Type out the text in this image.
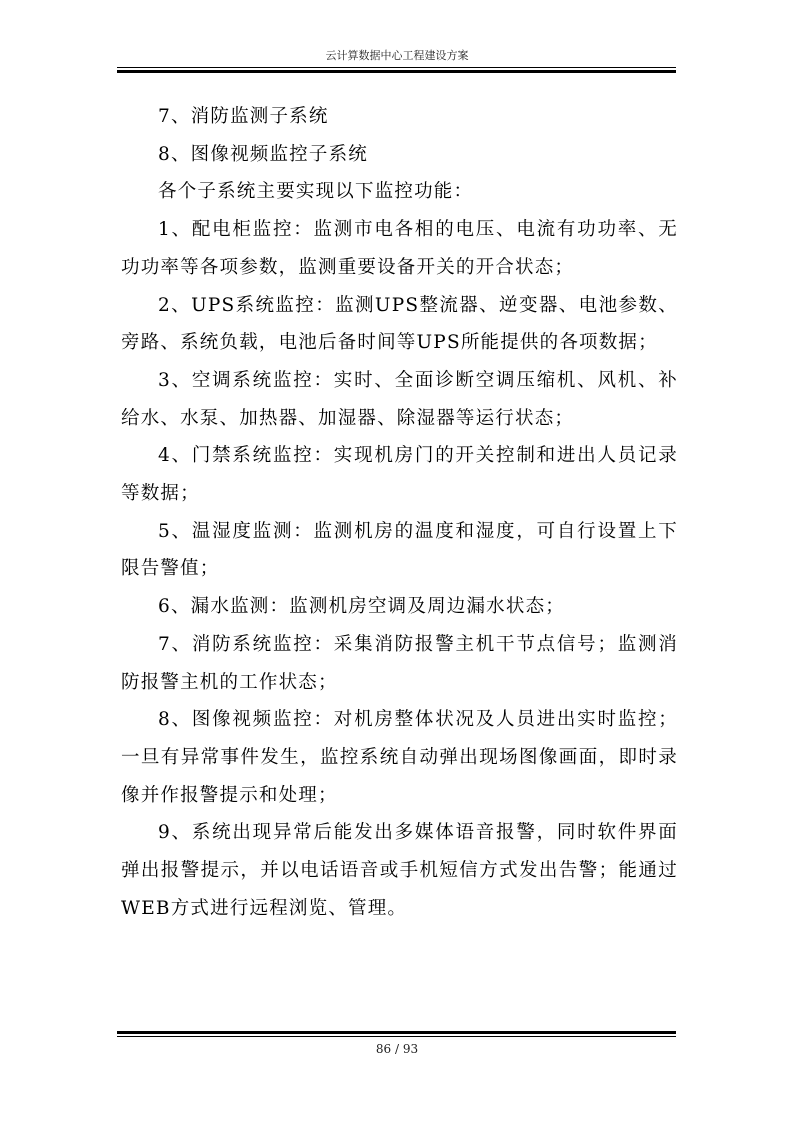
云计算数据中心工程建设方案

7、消防监测子系统

8、图像视频监控子系统

各个子系统主要实现以下监控功能：

1、配电柜监控：监测市电各相的电压、电流有功功率、无功功率等各项参数，监测重要设备开关的开合状态；

2、UPS系统监控：监测UPS整流器、逆变器、电池参数、旁路、系统负载，电池后备时间等UPS所能提供的各项数据；

3、空调系统监控：实时、全面诊断空调压缩机、风机、补给水、水泵、加热器、加湿器、除湿器等运行状态；

4、门禁系统监控：实现机房门的开关控制和进出人员记录等数据；

5、温湿度监测：监测机房的温度和湿度，可自行设置上下限告警值；

6、漏水监测：监测机房空调及周边漏水状态；

7、消防系统监控：采集消防报警主机干节点信号；监测消防报警主机的工作状态；

8、图像视频监控：对机房整体状况及人员进出实时监控；一旦有异常事件发生，监控系统自动弹出现场图像画面，即时录像并作报警提示和处理；

9、系统出现异常后能发出多媒体语音报警，同时软件界面弹出报警提示，并以电话语音或手机短信方式发出告警；能通过WEB方式进行远程浏览、管理。

86 / 93
